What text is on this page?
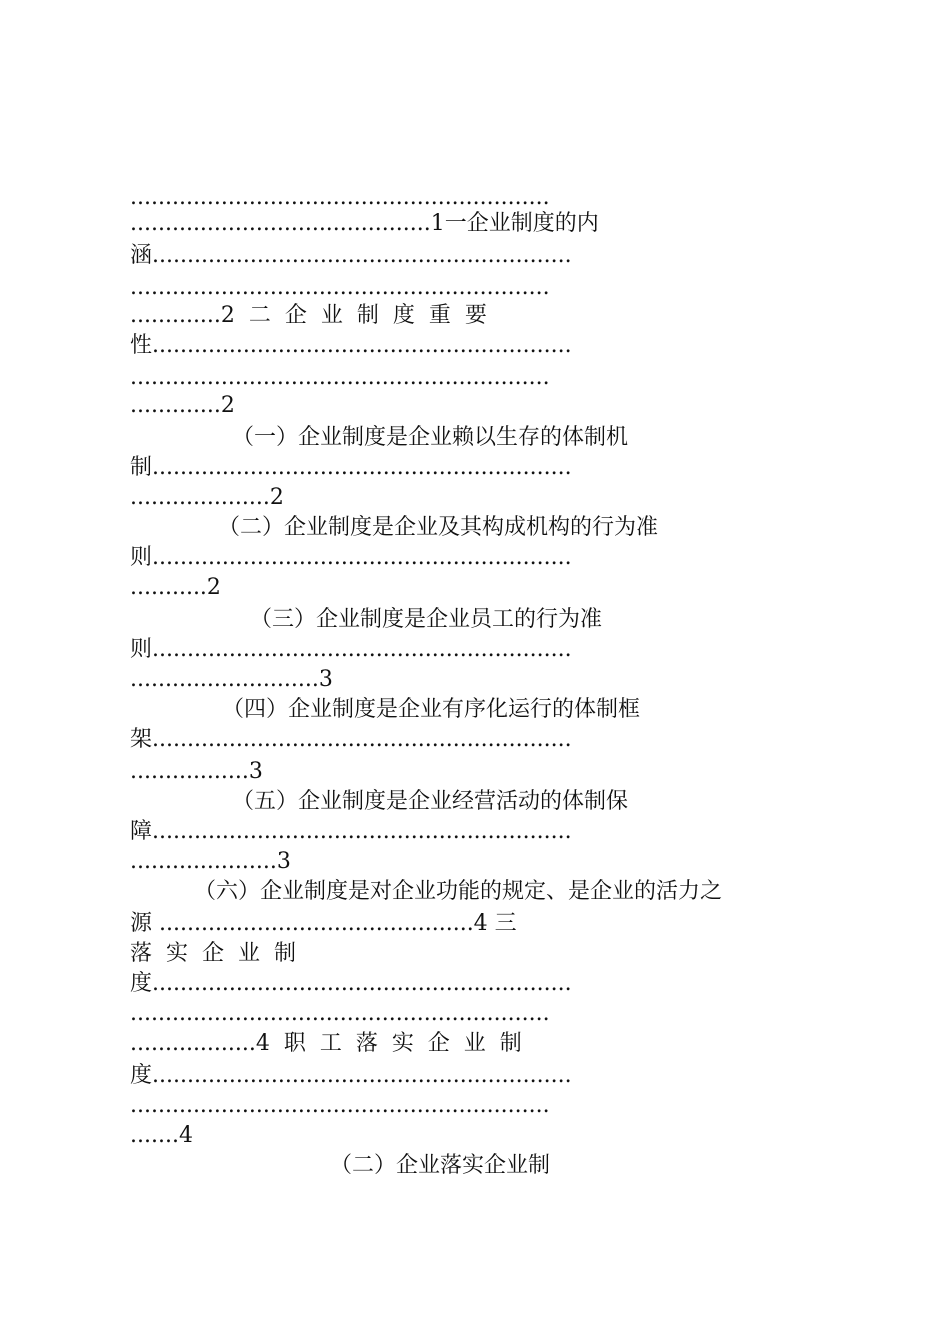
............................................................
...........................................1一企业制度的内
涵............................................................
............................................................
.............2  二  企  业  制  度  重  要
性............................................................
............................................................
.............2
（一）企业制度是企业赖以生存的体制机
制............................................................
....................2
（二）企业制度是企业及其构成机构的行为准
则............................................................
...........2
（三）企业制度是企业员工的行为准
则............................................................
...........................3
（四）企业制度是企业有序化运行的体制框
架............................................................
.................3
（五）企业制度是企业经营活动的体制保
障............................................................
.....................3
（六）企业制度是对企业功能的规定、是企业的活力之
源 .............................................4 三
落  实  企  业  制
度............................................................
............................................................
..................4  职  工  落  实  企  业  制
度............................................................
............................................................
.......4
（二）企业落实企业制
